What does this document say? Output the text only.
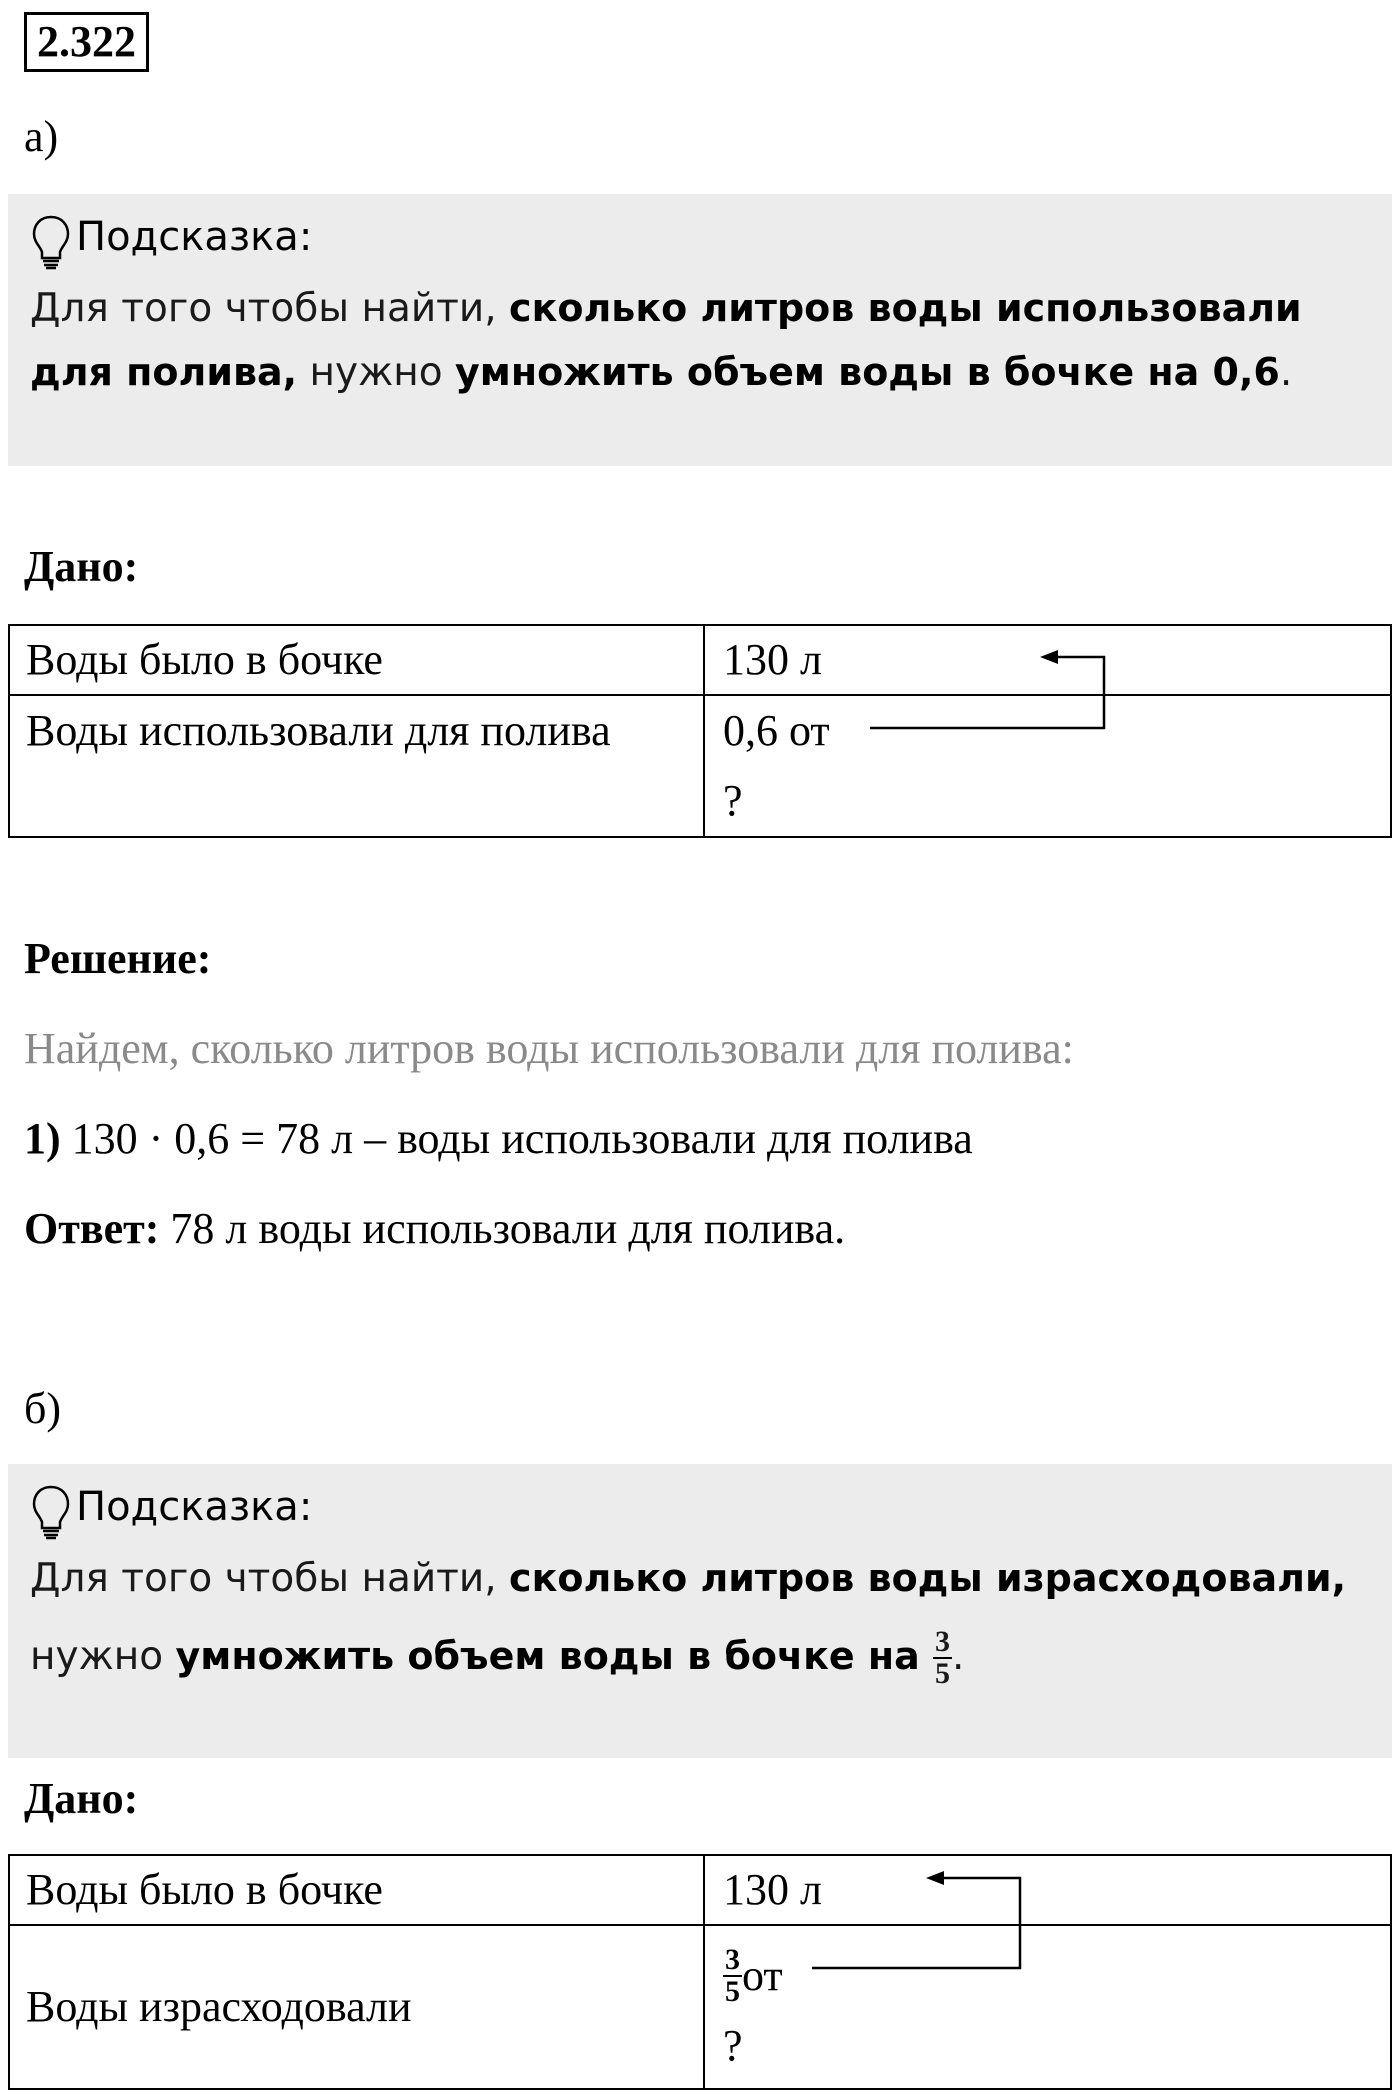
2.322
а)
Подсказка:
Для того чтобы найти, сколько литров воды использовали
для полива, нужно умножить объем воды в бочке на 0,6.
Дано:
Воды было в бочке	130 л
Воды использовали для полива	0,6 от
?
Решение:
Найдем, сколько литров воды использовали для полива:
1) 130 · 0,6 = 78 л – воды использовали для полива
Ответ: 78 л воды использовали для полива.
б)
Подсказка:
Для того чтобы найти, сколько литров воды израсходовали,
нужно умножить объем воды в бочке на $\frac{3}{5}$ .
Дано:
Воды было в бочке	130 л
Воды израсходовали	$\frac{3}{5}$ от
?
